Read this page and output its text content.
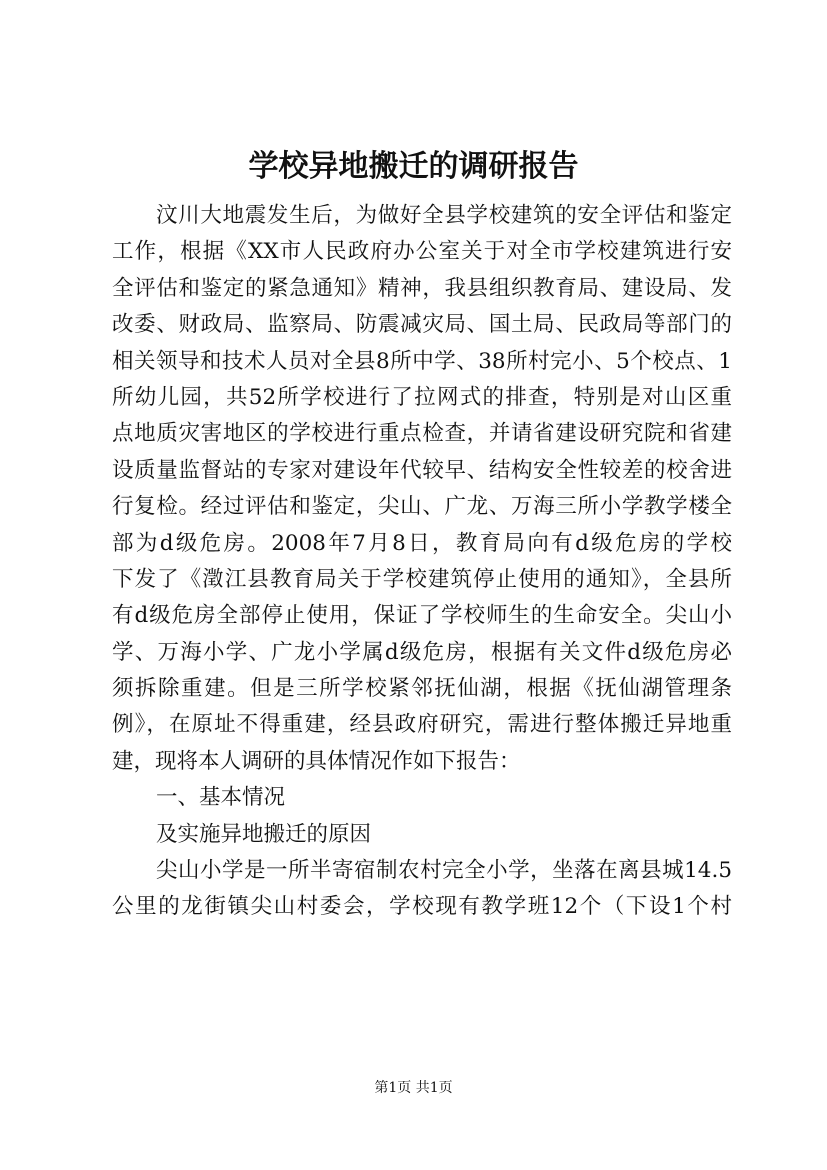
学校异地搬迁的调研报告
汶川大地震发生后，为做好全县学校建筑的安全评估和鉴定
工作，根据《XX市人民政府办公室关于对全市学校建筑进行安
全评估和鉴定的紧急通知》精神，我县组织教育局、建设局、发
改委、财政局、监察局、防震减灾局、国土局、民政局等部门的
相关领导和技术人员对全县8所中学、38所村完小、5个校点、1
所幼儿园，共52所学校进行了拉网式的排查，特别是对山区重
点地质灾害地区的学校进行重点检查，并请省建设研究院和省建
设质量监督站的专家对建设年代较早、结构安全性较差的校舍进
行复检。经过评估和鉴定，尖山、广龙、万海三所小学教学楼全
部为d级危房。2008年7月8日，教育局向有d级危房的学校
下发了《澂江县教育局关于学校建筑停止使用的通知》，全县所
有d级危房全部停止使用，保证了学校师生的生命安全。尖山小
学、万海小学、广龙小学属d级危房，根据有关文件d级危房必
须拆除重建。但是三所学校紧邻抚仙湖，根据《抚仙湖管理条
例》，在原址不得重建，经县政府研究，需进行整体搬迁异地重
建，现将本人调研的具体情况作如下报告：
一、基本情况
及实施异地搬迁的原因
尖山小学是一所半寄宿制农村完全小学，坐落在离县城14.5
公里的龙街镇尖山村委会，学校现有教学班12个（下设1个村
第1页 共1页
